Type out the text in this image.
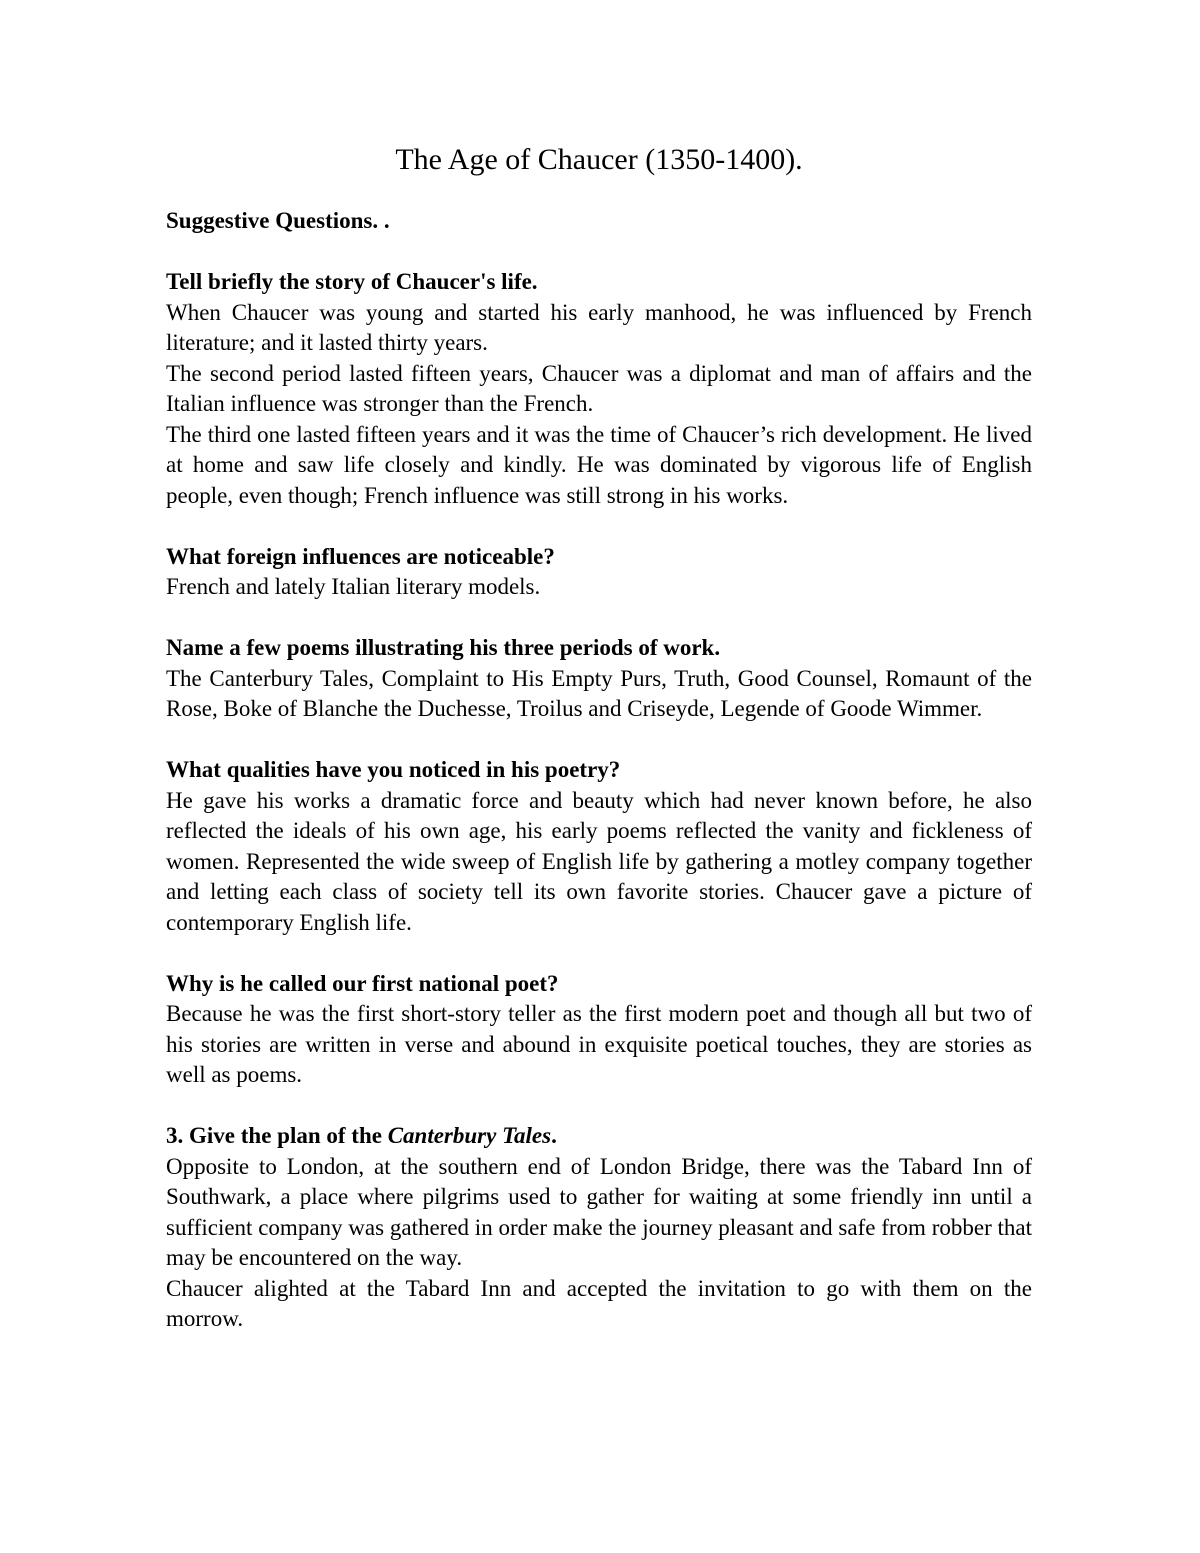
The Age of Chaucer (1350-1400).

Suggestive Questions. .

Tell briefly the story of Chaucer's life.

When Chaucer was young and started his early manhood, he was influenced by French literature; and it lasted thirty years.

The second period lasted fifteen years, Chaucer was a diplomat and man of affairs and the Italian influence was stronger than the French.

The third one lasted fifteen years and it was the time of Chaucer’s rich development. He lived at home and saw life closely and kindly. He was dominated by vigorous life of English people, even though; French influence was still strong in his works.

What foreign influences are noticeable?

French and lately Italian literary models.

Name a few poems illustrating his three periods of work.

The Canterbury Tales, Complaint to His Empty Purs, Truth, Good Counsel, Romaunt of the Rose, Boke of Blanche the Duchesse, Troilus and Criseyde, Legende of Goode Wimmer.

What qualities have you noticed in his poetry?

He gave his works a dramatic force and beauty which had never known before, he also reflected the ideals of his own age, his early poems reflected the vanity and fickleness of women. Represented the wide sweep of English life by gathering a motley company together and letting each class of society tell its own favorite stories. Chaucer gave a picture of contemporary English life.

Why is he called our first national poet?

Because he was the first short-story teller as the first modern poet and though all but two of his stories are written in verse and abound in exquisite poetical touches, they are stories as well as poems.

3. Give the plan of the Canterbury Tales.

Opposite to London, at the southern end of London Bridge, there was the Tabard Inn of Southwark, a place where pilgrims used to gather for waiting at some friendly inn until a sufficient company was gathered in order make the journey pleasant and safe from robber that may be encountered on the way.

Chaucer alighted at the Tabard Inn and accepted the invitation to go with them on the morrow.
